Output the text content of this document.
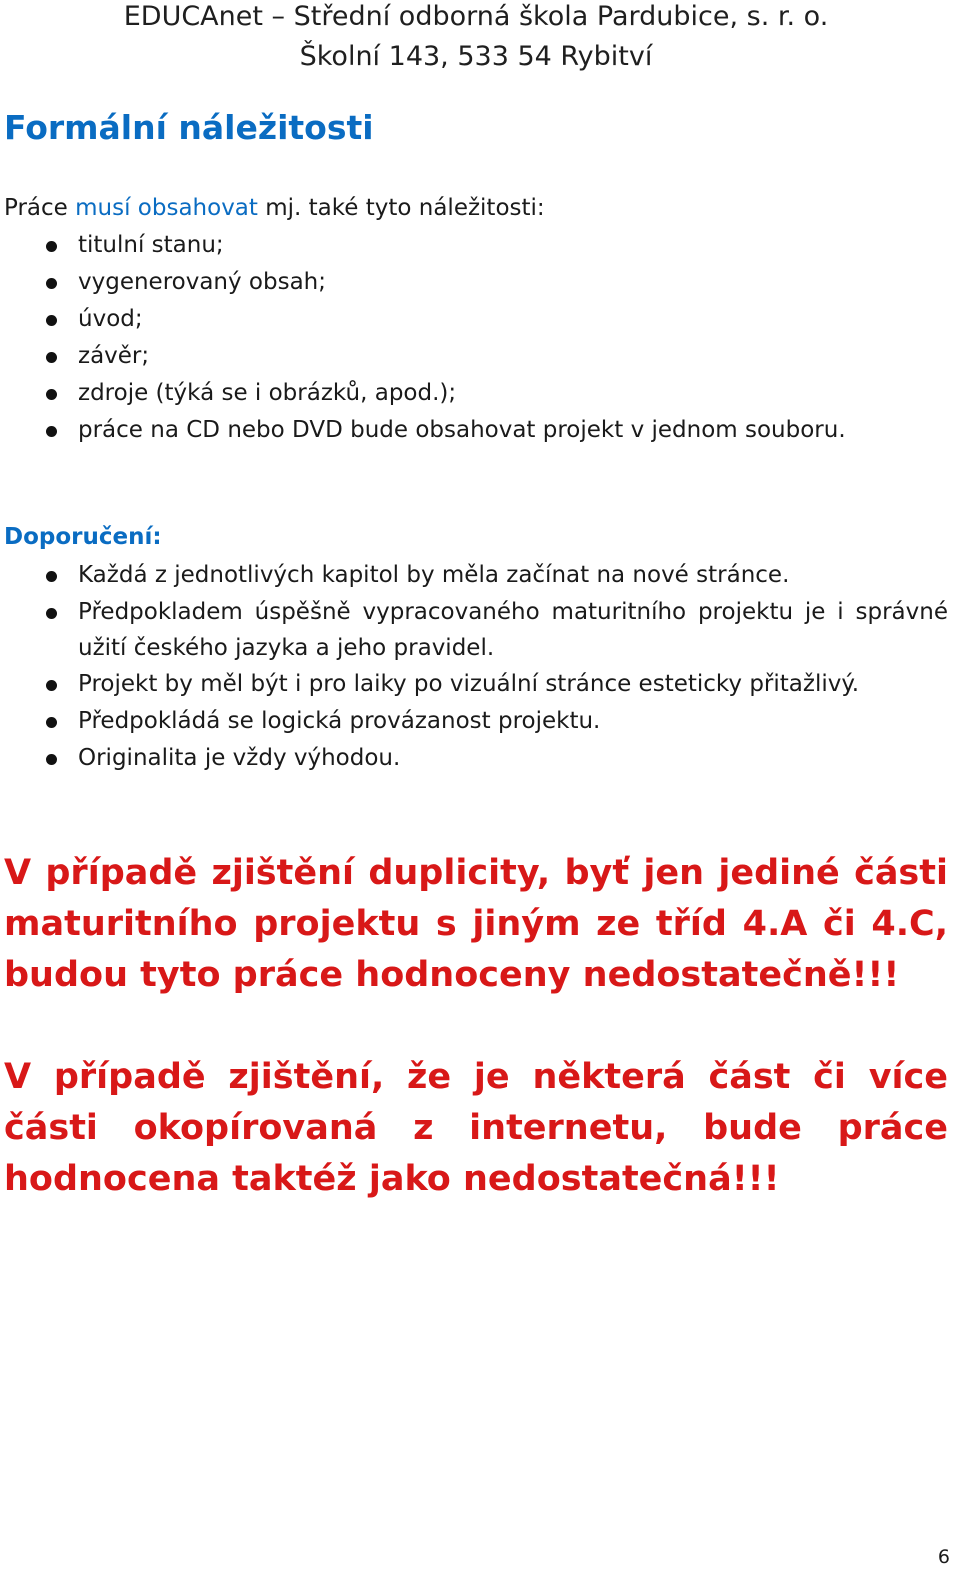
EDUCAnet – Střední odborná škola Pardubice, s. r. o.
Školní 143, 533 54 Rybitví
Formální náležitosti
Práce musí obsahovat mj. také tyto náležitosti:
titulní stanu;
vygenerovaný obsah;
úvod;
závěr;
zdroje (týká se i obrázků, apod.);
práce na CD nebo DVD bude obsahovat projekt v jednom souboru.
Doporučení:
Každá z jednotlivých kapitol by měla začínat na nové stránce.
Předpokladem úspěšně vypracovaného maturitního projektu je i správné užití českého jazyka a jeho pravidel.
Projekt by měl být i pro laiky po vizuální stránce esteticky přitažlivý.
Předpokládá se logická provázanost projektu.
Originalita je vždy výhodou.
V případě zjištění duplicity, byť jen jediné části maturitního projektu s jiným ze tříd 4.A či 4.C, budou tyto práce hodnoceny nedostatečně!!!
V případě zjištění, že je některá část či více části okopírovaná z internetu, bude práce hodnocena taktéž jako nedostatečná!!!
6
